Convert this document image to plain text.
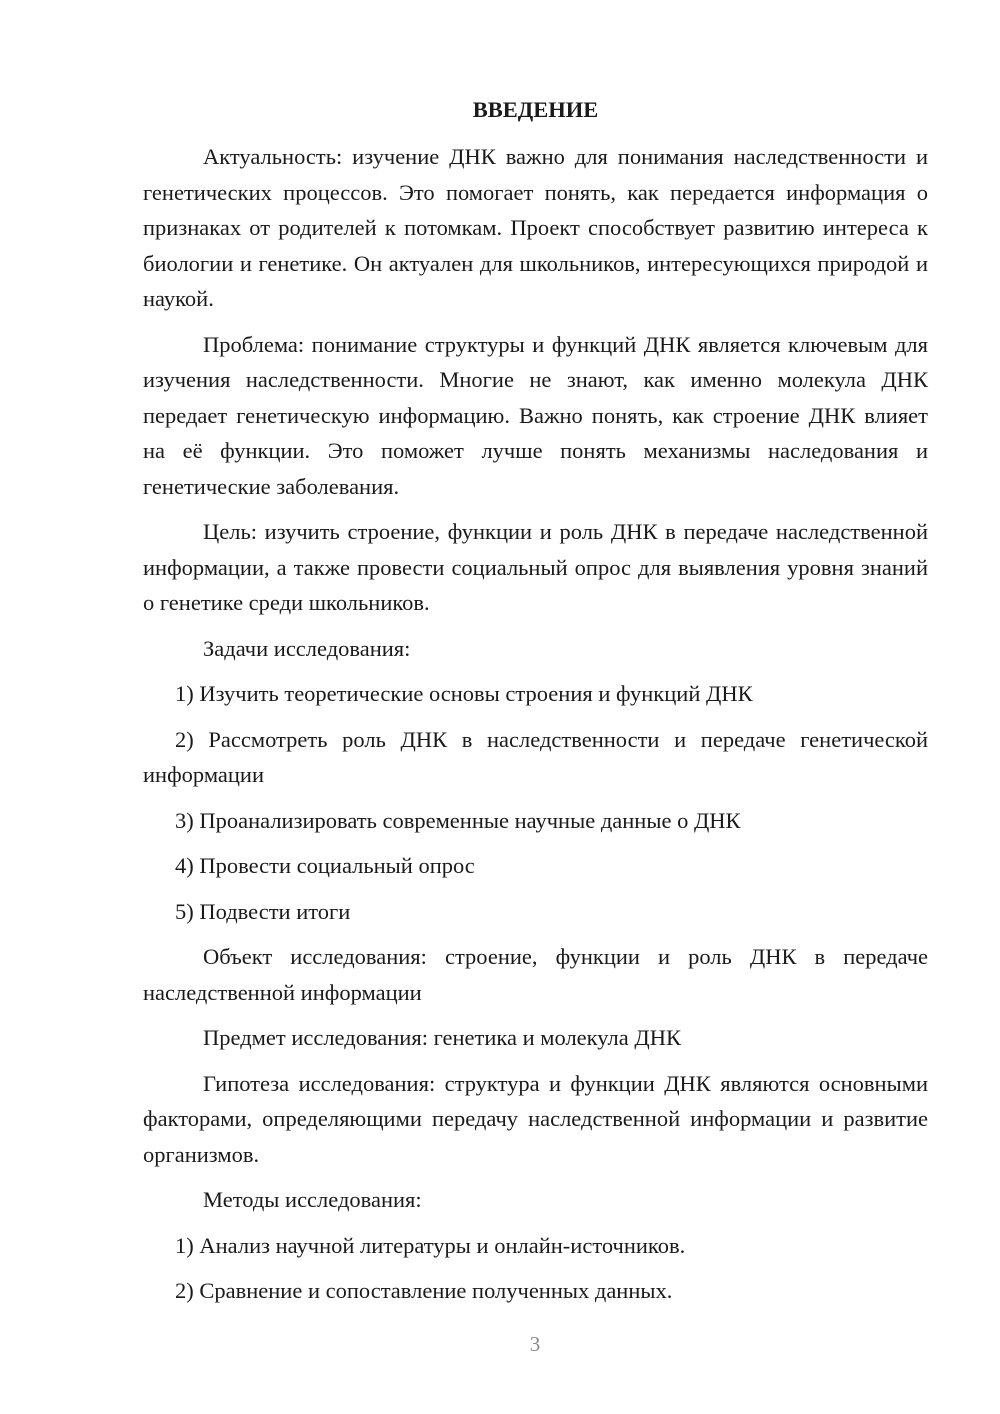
ВВЕДЕНИЕ

Актуальность: изучение ДНК важно для понимания наследственности и генетических процессов. Это помогает понять, как передается информация о признаках от родителей к потомкам. Проект способствует развитию интереса к биологии и генетике. Он актуален для школьников, интересующихся природой и наукой.

Проблема: понимание структуры и функций ДНК является ключевым для изучения наследственности. Многие не знают, как именно молекула ДНК передает генетическую информацию. Важно понять, как строение ДНК влияет на её функции. Это поможет лучше понять механизмы наследования и генетические заболевания.

Цель: изучить строение, функции и роль ДНК в передаче наследственной информации, а также провести социальный опрос для выявления уровня знаний о генетике среди школьников.

Задачи исследования:

1) Изучить теоретические основы строения и функций ДНК

2) Рассмотреть роль ДНК в наследственности и передаче генетической информации

3) Проанализировать современные научные данные о ДНК

4) Провести социальный опрос

5) Подвести итоги

Объект исследования: строение, функции и роль ДНК в передаче наследственной информации

Предмет исследования: генетика и молекула ДНК

Гипотеза исследования: структура и функции ДНК являются основными факторами, определяющими передачу наследственной информации и развитие организмов.

Методы исследования:

1) Анализ научной литературы и онлайн-источников.

2) Сравнение и сопоставление полученных данных.

3
